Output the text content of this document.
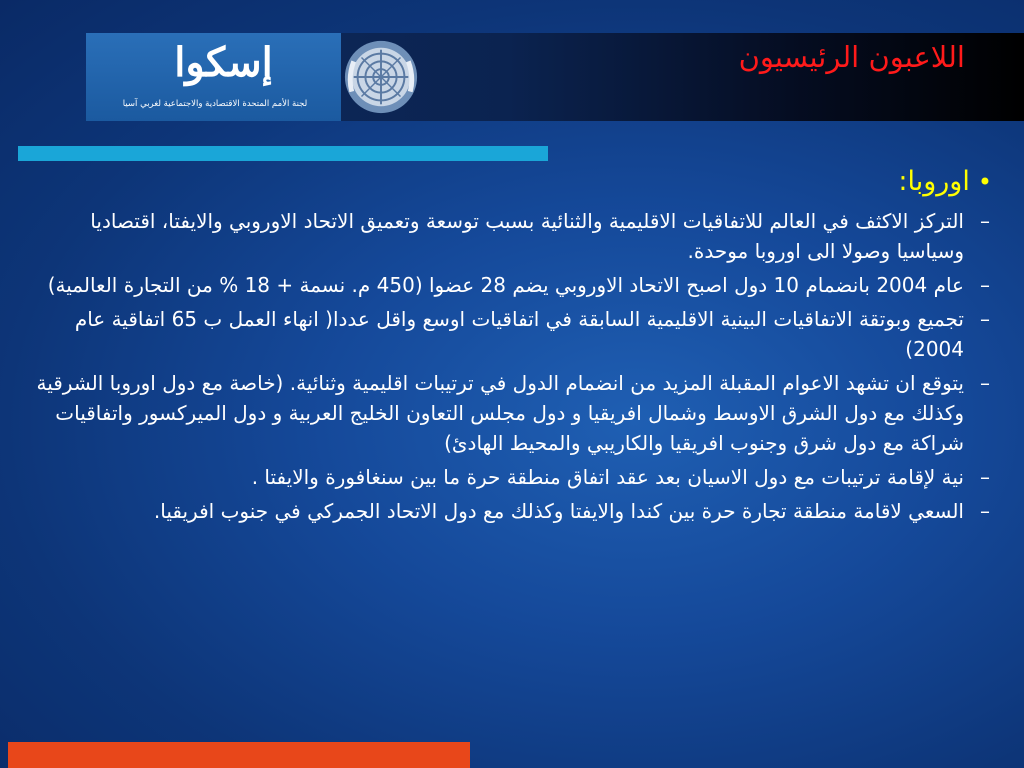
إسكوا
لجنة الأمم المتحدة الاقتصادية والاجتماعية لغربي آسيا
اللاعبون الرئيسيون
•
اوروبا:
–
التركز الاكثف في العالم للاتفاقيات الاقليمية والثنائية بسبب توسعة وتعميق الاتحاد الاوروبي والايفتا، اقتصاديا وسياسيا وصولا الى اوروبا موحدة.
–
عام 2004 بانضمام 10 دول اصبح الاتحاد الاوروبي يضم 28 عضوا (450 م. نسمة + 18 % من التجارة العالمية)
–
تجميع وبوتقة الاتفاقيات البينية الاقليمية السابقة في اتفاقيات اوسع واقل عددا( انهاء العمل ب 65 اتفاقية عام 2004)
–
يتوقع ان تشهد الاعوام المقبلة المزيد من انضمام الدول في ترتيبات اقليمية وثنائية. (خاصة مع دول اوروبا الشرقية وكذلك مع دول الشرق الاوسط وشمال افريقيا و دول مجلس التعاون الخليج العربية و دول الميركسور واتفاقيات شراكة مع دول شرق وجنوب افريقيا والكاريبي والمحيط الهادئ)
–
نية لإقامة ترتيبات مع دول الاسيان بعد عقد اتفاق منطقة حرة ما بين سنغافورة والايفتا .
–
السعي لاقامة منطقة تجارة حرة بين كندا والايفتا وكذلك مع دول الاتحاد الجمركي في جنوب افريقيا.
